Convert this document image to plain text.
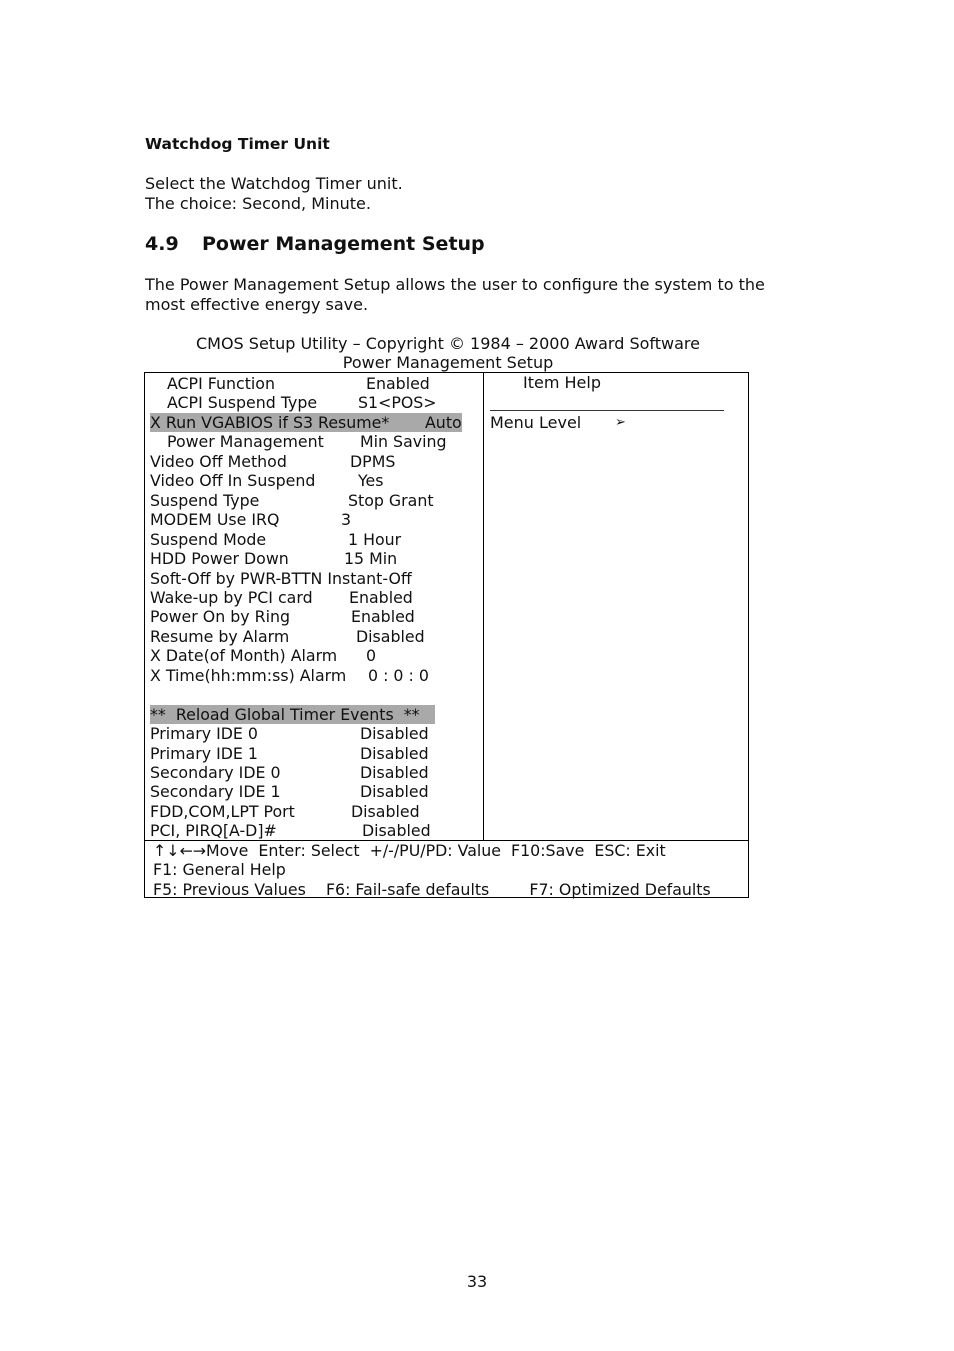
Watchdog Timer Unit
Select the Watchdog Timer unit.
The choice: Second, Minute.
4.9 Power Management Setup
The Power Management Setup allows the user to configure the system to the
most effective energy save.
CMOS Setup Utility – Copyright © 1984 – 2000 Award Software
Power Management Setup
ACPI Function	Enabled
ACPI Suspend Type	S1<POS>
X Run VGABIOS if S3 Resume* Auto
Power Management Min Saving
Video Off Method	DPMS
Video Off In Suspend	Yes
Suspend Type	Stop Grant
MODEM Use IRQ	3
Suspend Mode	1 Hour
HDD Power Down	15 Min
Soft-Off by PWR-BTTN Instant-Off
Wake-up by PCI card Enabled
Power On by Ring	Enabled
Resume by Alarm	Disabled
X Date(of Month) Alarm 0
X Time(hh:mm:ss) Alarm 0 : 0 : 0
**  Reload Global Timer Events  **
Primary IDE 0	Disabled
Primary IDE 1	Disabled
Secondary IDE 0	Disabled
Secondary IDE 1	Disabled
FDD,COM,LPT Port	Disabled
PCI, PIRQ[A-D]#	Disabled
Item Help
Menu Level	➢
↑↓←→Move  Enter: Select  +/-/PU/PD: Value  F10:Save  ESC: Exit
F1: General Help
F5: Previous Values    F6: Fail-safe defaults        F7: Optimized Defaults
33
